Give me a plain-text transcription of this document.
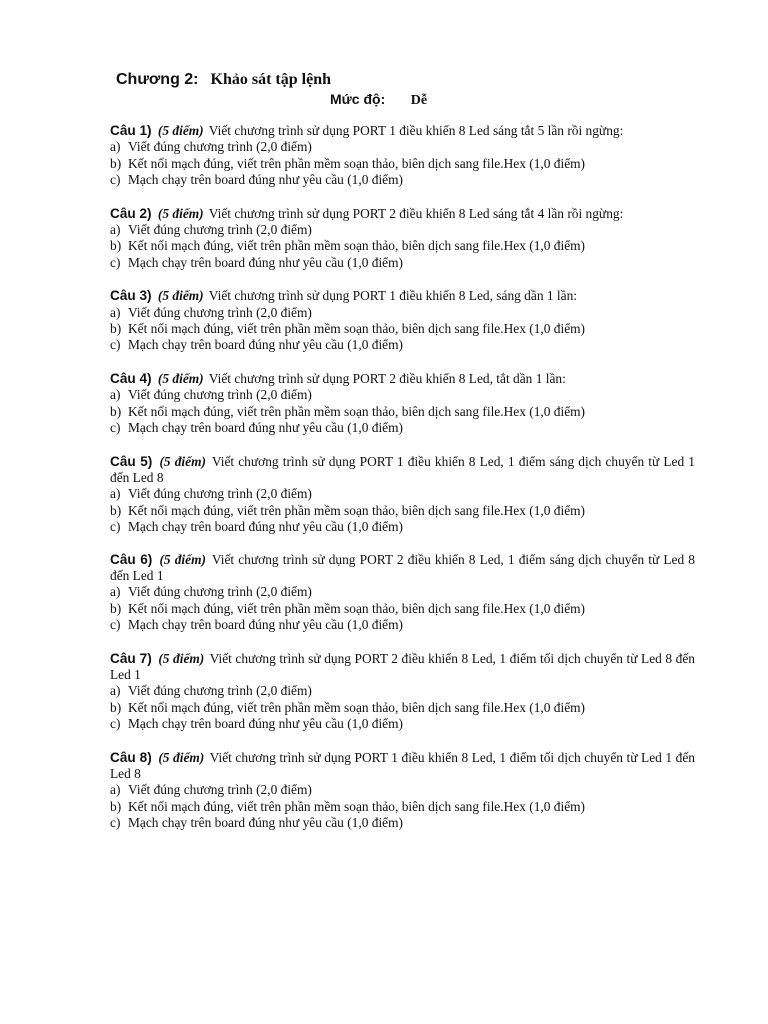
Chương 2: Khảo sát tập lệnh
Mức độ: Dễ
Câu 1) (5 điểm) Viết chương trình sử dụng PORT 1 điều khiển 8 Led sáng tắt 5 lần rồi ngừng:
a) Viết đúng chương trình (2,0 điểm)
b) Kết nối mạch đúng, viết trên phần mềm soạn thảo, biên dịch sang file.Hex (1,0 điểm)
c) Mạch chạy trên board đúng như yêu cầu (1,0 điểm)
Câu 2) (5 điểm) Viết chương trình sử dụng PORT 2 điều khiển 8 Led sáng tắt 4 lần rồi ngừng:
a) Viết đúng chương trình (2,0 điểm)
b) Kết nối mạch đúng, viết trên phần mềm soạn thảo, biên dịch sang file.Hex (1,0 điểm)
c) Mạch chạy trên board đúng như yêu cầu (1,0 điểm)
Câu 3) (5 điểm) Viết chương trình sử dụng PORT 1 điều khiển 8 Led, sáng dần 1 lần:
a) Viết đúng chương trình (2,0 điểm)
b) Kết nối mạch đúng, viết trên phần mềm soạn thảo, biên dịch sang file.Hex (1,0 điểm)
c) Mạch chạy trên board đúng như yêu cầu (1,0 điểm)
Câu 4) (5 điểm) Viết chương trình sử dụng PORT 2 điều khiển 8 Led, tắt dần 1 lần:
a) Viết đúng chương trình (2,0 điểm)
b) Kết nối mạch đúng, viết trên phần mềm soạn thảo, biên dịch sang file.Hex (1,0 điểm)
c) Mạch chạy trên board đúng như yêu cầu (1,0 điểm)
Câu 5) (5 điểm) Viết chương trình sử dụng PORT 1 điều khiển 8 Led, 1 điểm sáng dịch chuyển từ Led 1 đến Led 8
a) Viết đúng chương trình (2,0 điểm)
b) Kết nối mạch đúng, viết trên phần mềm soạn thảo, biên dịch sang file.Hex (1,0 điểm)
c) Mạch chạy trên board đúng như yêu cầu (1,0 điểm)
Câu 6) (5 điểm) Viết chương trình sử dụng PORT 2 điều khiển 8 Led, 1 điểm sáng dịch chuyển từ Led 8 đến Led 1
a) Viết đúng chương trình (2,0 điểm)
b) Kết nối mạch đúng, viết trên phần mềm soạn thảo, biên dịch sang file.Hex (1,0 điểm)
c) Mạch chạy trên board đúng như yêu cầu (1,0 điểm)
Câu 7) (5 điểm) Viết chương trình sử dụng PORT 2 điều khiển 8 Led, 1 điểm tối dịch chuyển từ Led 8 đến Led 1
a) Viết đúng chương trình (2,0 điểm)
b) Kết nối mạch đúng, viết trên phần mềm soạn thảo, biên dịch sang file.Hex (1,0 điểm)
c) Mạch chạy trên board đúng như yêu cầu (1,0 điểm)
Câu 8) (5 điểm) Viết chương trình sử dụng PORT 1 điều khiển 8 Led, 1 điểm tối dịch chuyển từ Led 1 đến Led 8
a) Viết đúng chương trình (2,0 điểm)
b) Kết nối mạch đúng, viết trên phần mềm soạn thảo, biên dịch sang file.Hex (1,0 điểm)
c) Mạch chạy trên board đúng như yêu cầu (1,0 điểm)
